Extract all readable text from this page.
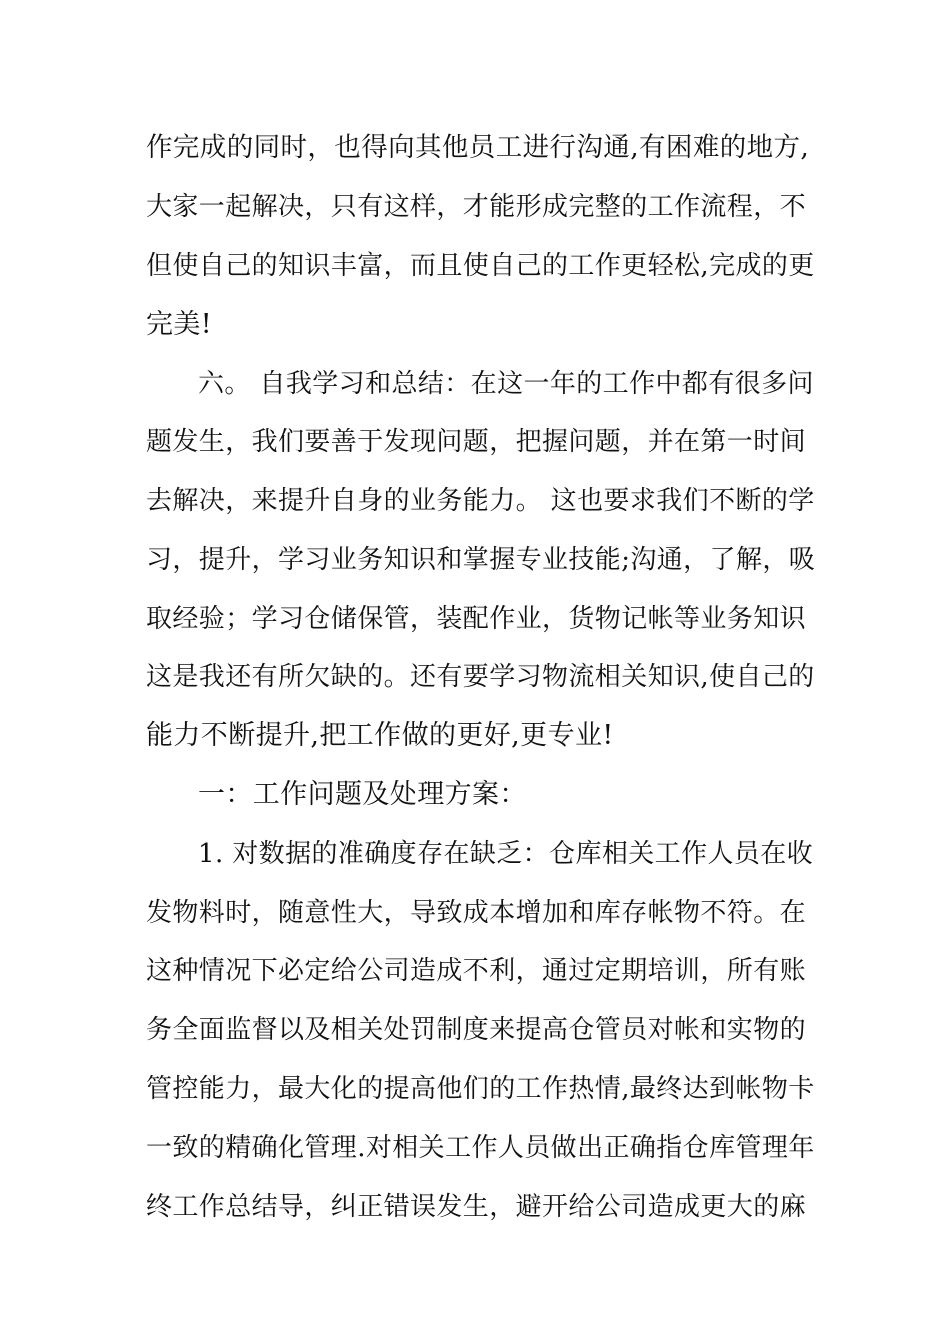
作完成的同时，也得向其他员工进行沟通,有困难的地方,
大家一起解决，只有这样，才能形成完整的工作流程，不
但使自己的知识丰富，而且使自己的工作更轻松,完成的更
完美!
六。 自我学习和总结：在这一年的工作中都有很多问
题发生，我们要善于发现问题，把握问题，并在第一时间
去解决，来提升自身的业务能力。 这也要求我们不断的学
习，提升，学习业务知识和掌握专业技能;沟通，了解，吸
取经验；学习仓储保管，装配作业，货物记帐等业务知识
这是我还有所欠缺的。还有要学习物流相关知识,使自己的
能力不断提升,把工作做的更好,更专业!
一：工作问题及处理方案：
1. 对数据的准确度存在缺乏：仓库相关工作人员在收
发物料时，随意性大，导致成本增加和库存帐物不符。在
这种情况下必定给公司造成不利，通过定期培训，所有账
务全面监督以及相关处罚制度来提高仓管员对帐和实物的
管控能力，最大化的提高他们的工作热情,最终达到帐物卡
一致的精确化管理.对相关工作人员做出正确指仓库管理年
终工作总结导，纠正错误发生，避开给公司造成更大的麻
